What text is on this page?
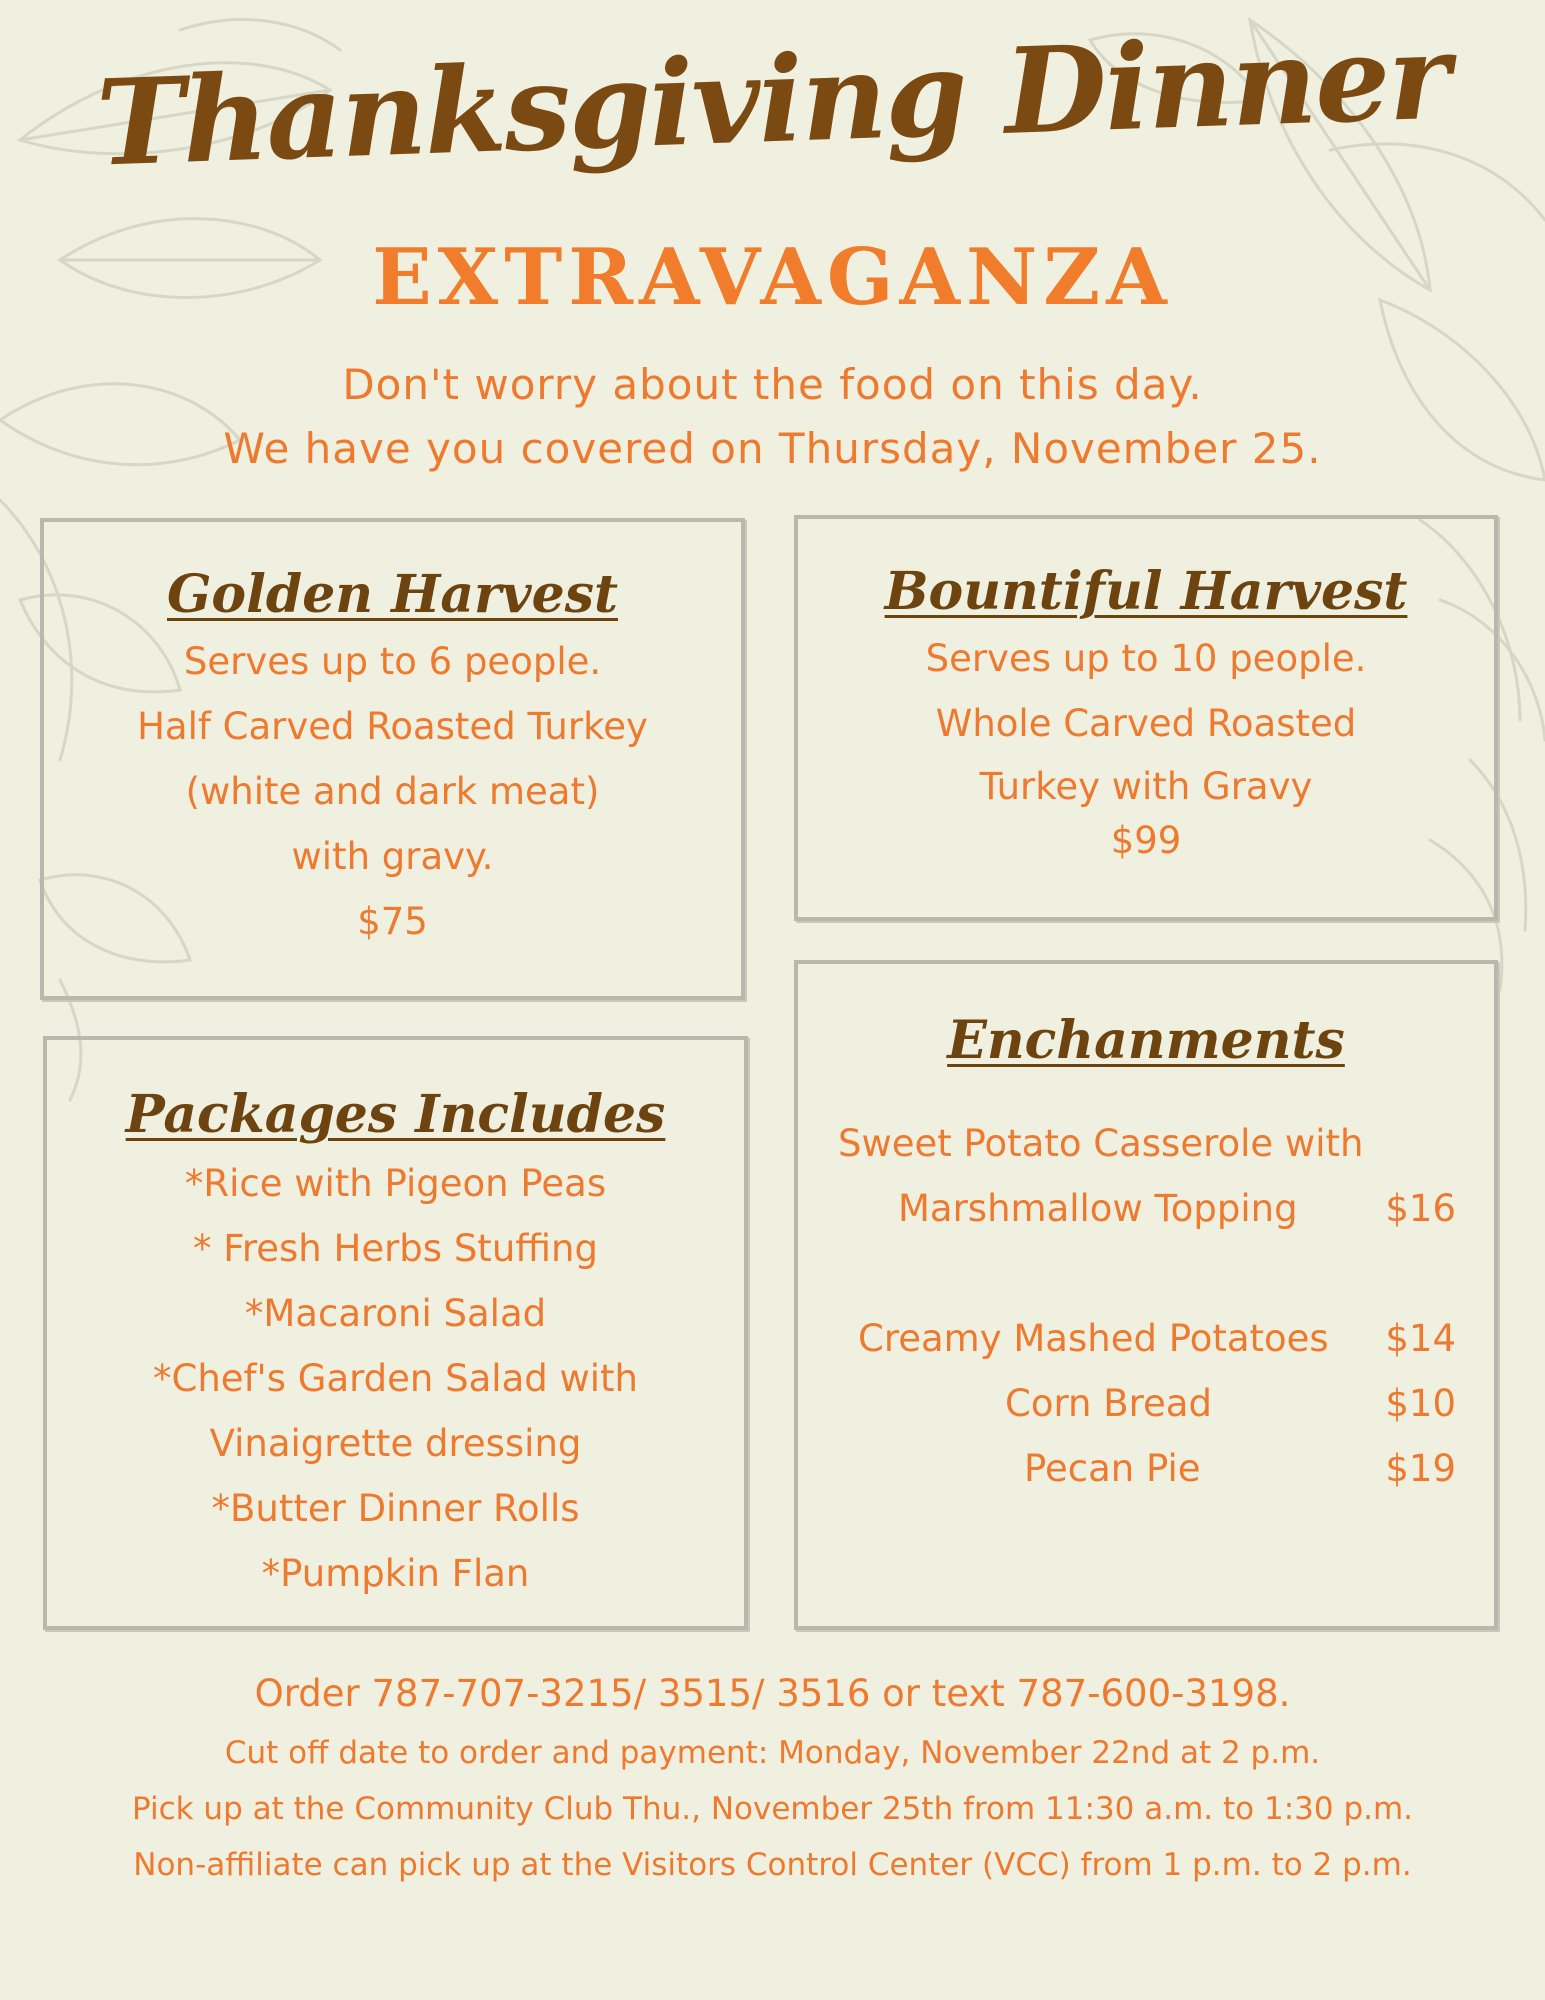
Thanksgiving Dinner
EXTRAVAGANZA
Don't worry about the food on this day.
We have you covered on Thursday, November 25.
Golden Harvest
Serves up to 6 people.
Half Carved Roasted Turkey
(white and dark meat)
with gravy.
$75
Bountiful Harvest
Serves up to 10 people.
Whole Carved Roasted
Turkey with Gravy
$99
Packages Includes
*Rice with Pigeon Peas
* Fresh Herbs Stuffing
*Macaroni Salad
*Chef's Garden Salad with
Vinaigrette dressing
*Butter Dinner Rolls
*Pumpkin Flan
Enchanments
Sweet Potato Casserole with
Marshmallow Topping $16
Creamy Mashed Potatoes $14
Corn Bread	$10
Pecan Pie	$19
Order 787-707-3215/ 3515/ 3516 or text 787-600-3198.
Cut off date to order and payment: Monday, November 22nd at 2 p.m.
Pick up at the Community Club Thu., November 25th from 11:30 a.m. to 1:30 p.m.
Non-affiliate can pick up at the Visitors Control Center (VCC) from 1 p.m. to 2 p.m.
